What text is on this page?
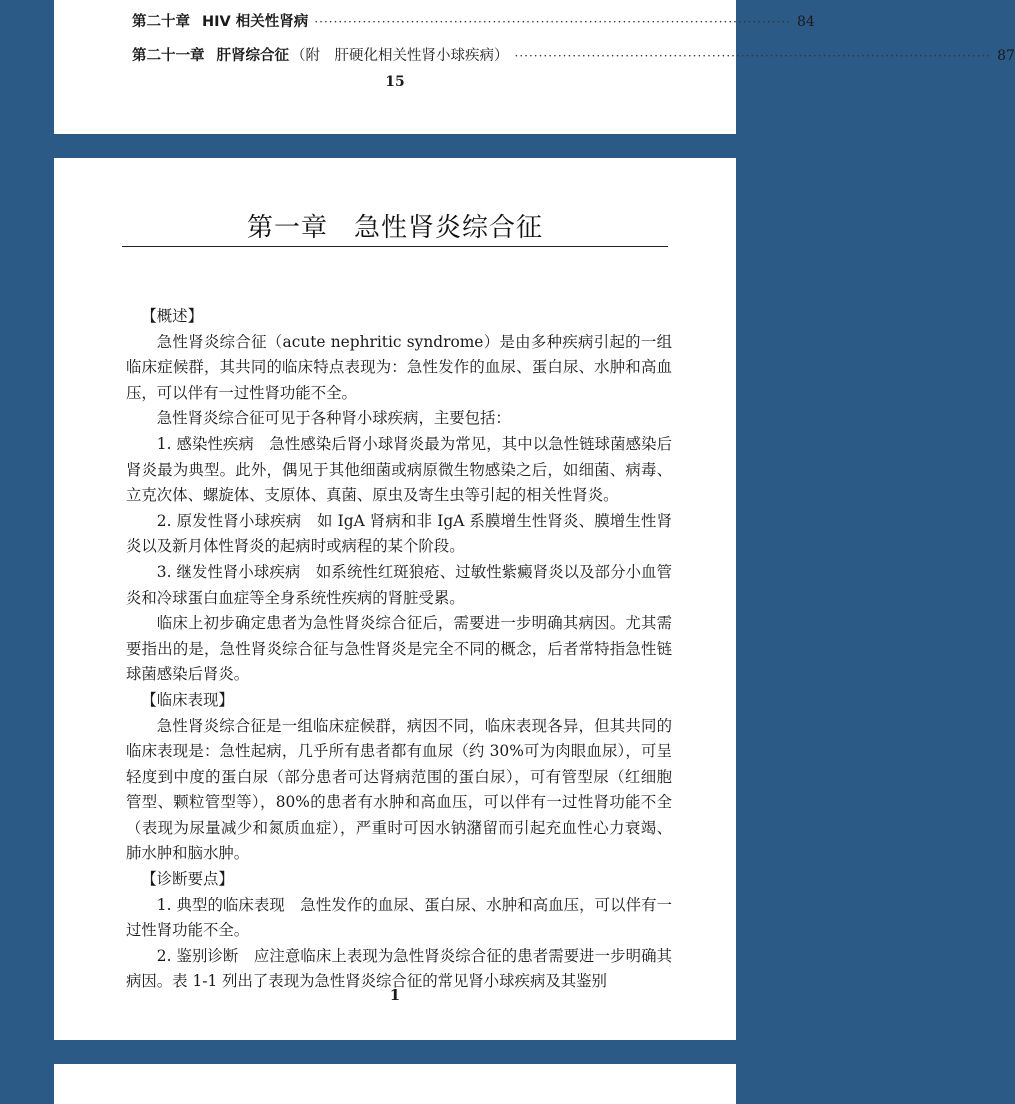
第二十章 HIV 相关性肾病 ··································································································· 84
第二十一章 肝肾综合征 （附　肝硬化相关性肾小球疾病） ··································································································· 87
15
第一章 急性肾炎综合征
【概述】

急性肾炎综合征（acute nephritic syndrome）是由多种疾病引起的一组临床症候群，其共同的临床特点表现为：急性发作的血尿、蛋白尿、水肿和高血压，可以伴有一过性肾功能不全。

急性肾炎综合征可见于各种肾小球疾病，主要包括：

1. 感染性疾病　急性感染后肾小球肾炎最为常见，其中以急性链球菌感染后肾炎最为典型。此外，偶见于其他细菌或病原微生物感染之后，如细菌、病毒、立克次体、螺旋体、支原体、真菌、原虫及寄生虫等引起的相关性肾炎。

2. 原发性肾小球疾病　如 IgA 肾病和非 IgA 系膜增生性肾炎、膜增生性肾炎以及新月体性肾炎的起病时或病程的某个阶段。

3. 继发性肾小球疾病　如系统性红斑狼疮、过敏性紫癜肾炎以及部分小血管炎和冷球蛋白血症等全身系统性疾病的肾脏受累。

临床上初步确定患者为急性肾炎综合征后，需要进一步明确其病因。尤其需要指出的是，急性肾炎综合征与急性肾炎是完全不同的概念，后者常特指急性链球菌感染后肾炎。

【临床表现】

急性肾炎综合征是一组临床症候群，病因不同，临床表现各异，但其共同的临床表现是：急性起病，几乎所有患者都有血尿（约 30%可为肉眼血尿），可呈轻度到中度的蛋白尿（部分患者可达肾病范围的蛋白尿），可有管型尿（红细胞管型、颗粒管型等），80%的患者有水肿和高血压，可以伴有一过性肾功能不全（表现为尿量减少和氮质血症），严重时可因水钠潴留而引起充血性心力衰竭、肺水肿和脑水肿。

【诊断要点】

1. 典型的临床表现　急性发作的血尿、蛋白尿、水肿和高血压，可以伴有一过性肾功能不全。

2. 鉴别诊断　应注意临床上表现为急性肾炎综合征的患者需要进一步明确其病因。表 1-1 列出了表现为急性肾炎综合征的常见肾小球疾病及其鉴别

1
